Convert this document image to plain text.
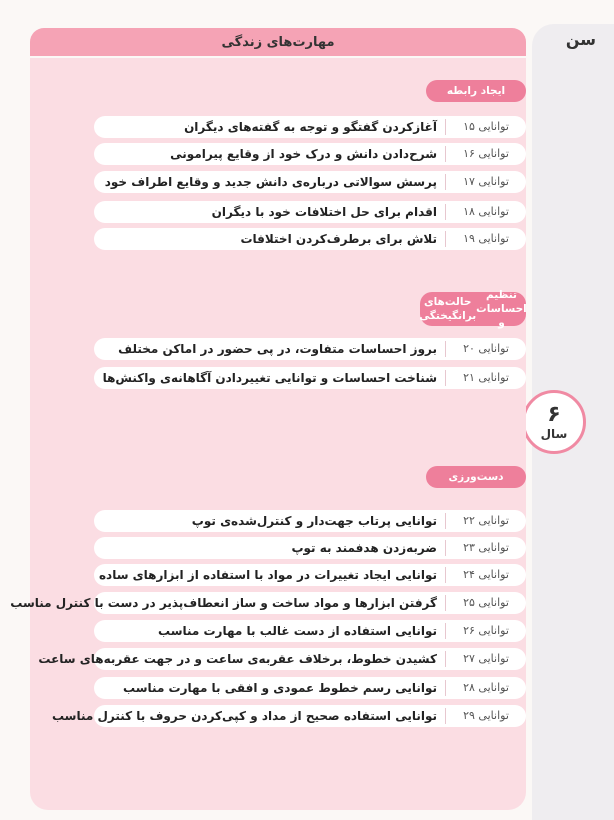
سن
۶
سال
مهارت‌های زندگی
ایجاد رابطه
توانایی ۱۵
آغازکردن گفتگو و توجه به گفته‌های دیگران
توانایی ۱۶
شرح‌دادن دانش و درک خود از وقایع پیرامونی
توانایی ۱۷
پرسش سوالاتی درباره‌ی دانش جدید و وقایع اطراف خود
توانایی ۱۸
اقدام برای حل اختلافات خود با دیگران
توانایی ۱۹
تلاش برای برطرف‌کردن اختلافات
تنظیم احساسات و

حالت‌های برانگیختگی
توانایی ۲۰
بروز احساسات متفاوت، در پی حضور در اماکن مختلف
توانایی ۲۱
شناخت احساسات و توانایی تغییردادن آگاهانه‌ی واکنش‌ها
دست‌ورزی
توانایی ۲۲
توانایی پرتاب جهت‌دار و کنترل‌شده‌ی توپ
توانایی ۲۳
ضربه‌زدن هدفمند به توپ
توانایی ۲۴
توانایی ایجاد تغییرات در مواد با استفاده از ابزارهای ساده
توانایی ۲۵
گرفتن ابزارها و مواد ساخت و ساز انعطاف‌پذیر در دست با کنترل مناسب
توانایی ۲۶
توانایی استفاده از دست غالب با مهارت مناسب
توانایی ۲۷
کشیدن خطوط، برخلاف عقربه‌ی ساعت و در جهت عقربه‌های ساعت
توانایی ۲۸
توانایی رسم خطوط عمودی و افقی با مهارت مناسب
توانایی ۲۹
توانایی استفاده صحیح از مداد و کپی‌کردن حروف با کنترل مناسب
